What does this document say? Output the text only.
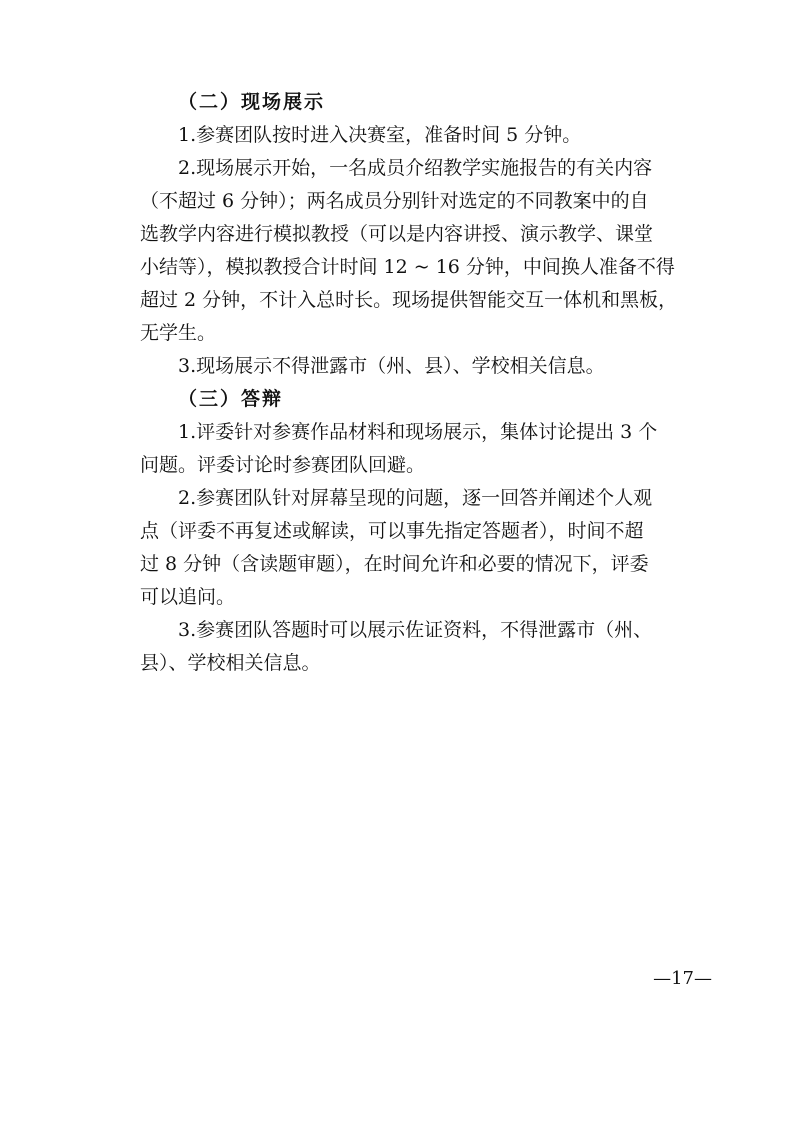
（二）现场展示
1.参赛团队按时进入决赛室，准备时间 5 分钟。
2.现场展示开始，一名成员介绍教学实施报告的有关内容
（不超过 6 分钟）；两名成员分别针对选定的不同教案中的自
选教学内容进行模拟教授（可以是内容讲授、演示教学、课堂
小结等），模拟教授合计时间 12 ~ 16 分钟，中间换人准备不得
超过 2 分钟，不计入总时长。现场提供智能交互一体机和黑板，
无学生。
3.现场展示不得泄露市（州、县）、学校相关信息。
（三）答辩
1.评委针对参赛作品材料和现场展示，集体讨论提出 3 个
问题。评委讨论时参赛团队回避。
2.参赛团队针对屏幕呈现的问题，逐一回答并阐述个人观
点（评委不再复述或解读，可以事先指定答题者），时间不超
过 8 分钟（含读题审题），在时间允许和必要的情况下，评委
可以追问。
3.参赛团队答题时可以展示佐证资料，不得泄露市（州、
县）、学校相关信息。
—17—
